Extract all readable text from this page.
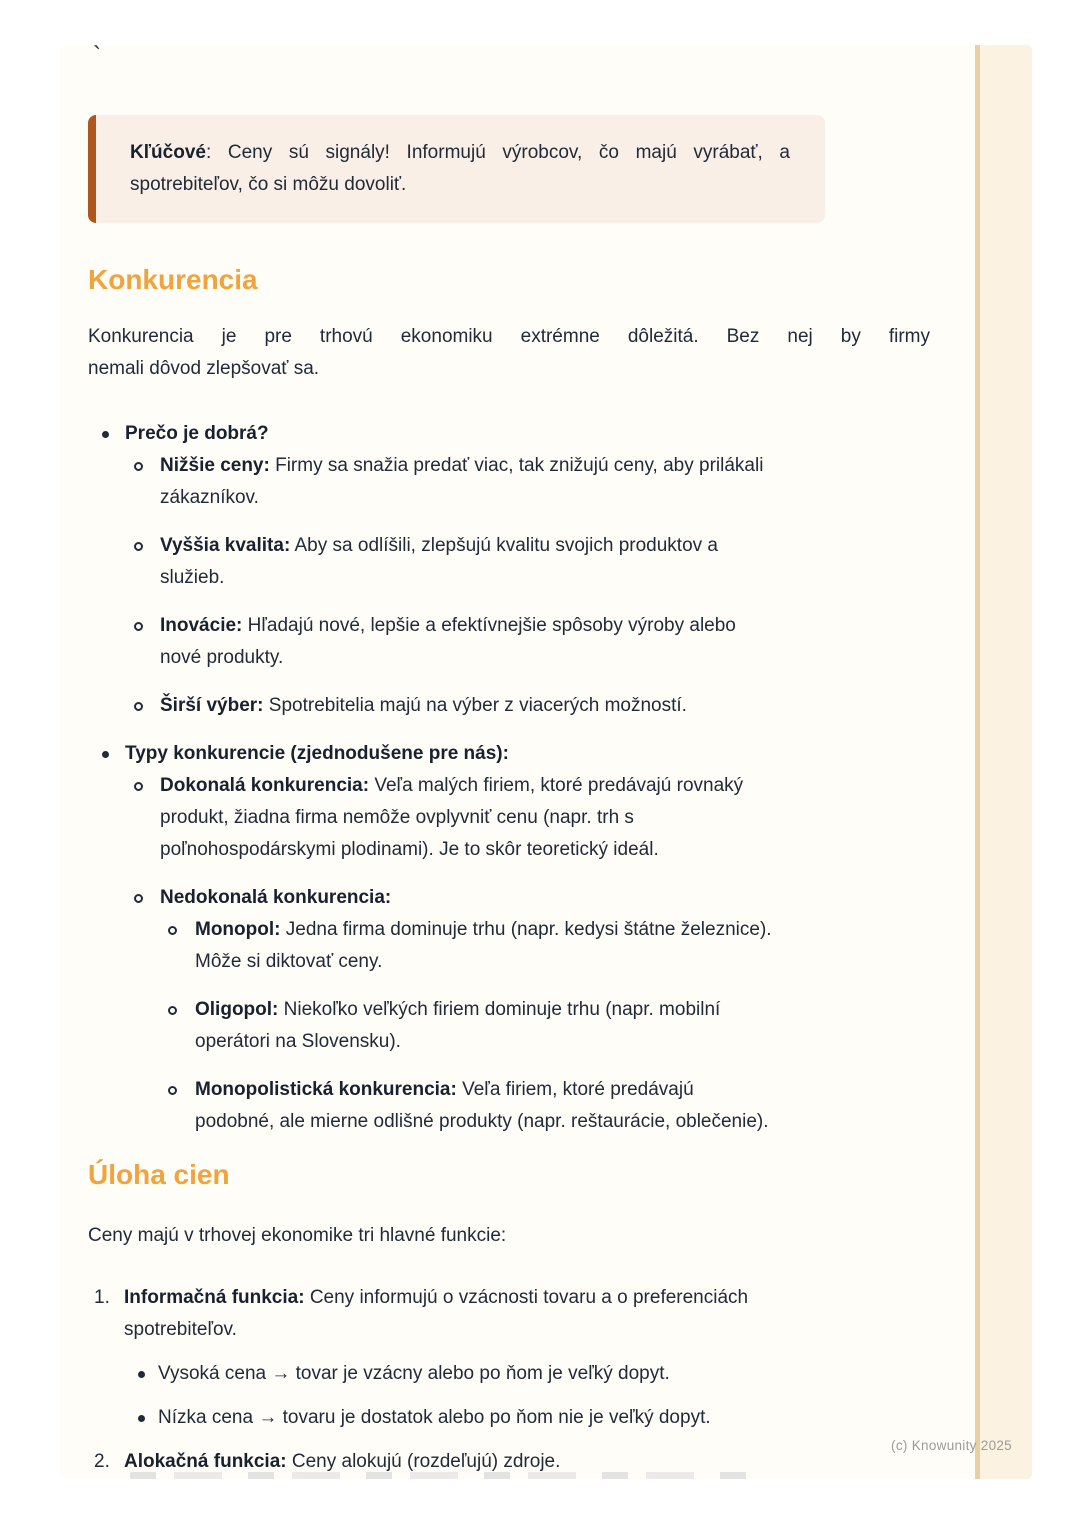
`
Kľúčové: Ceny sú signály! Informujú výrobcov, čo majú vyrábať, a
spotrebiteľov, čo si môžu dovoliť.
Konkurencia
Konkurencia je pre trhovú ekonomiku extrémne dôležitá. Bez nej by firmy
nemali dôvod zlepšovať sa.
Prečo je dobrá?
Nižšie ceny: Firmy sa snažia predať viac, tak znižujú ceny, aby prilákali
zákazníkov.
Vyššia kvalita: Aby sa odlíšili, zlepšujú kvalitu svojich produktov a
služieb.
Inovácie: Hľadajú nové, lepšie a efektívnejšie spôsoby výroby alebo
nové produkty.
Širší výber: Spotrebitelia majú na výber z viacerých možností.
Typy konkurencie (zjednodušene pre nás):
Dokonalá konkurencia: Veľa malých firiem, ktoré predávajú rovnaký
produkt, žiadna firma nemôže ovplyvniť cenu (napr. trh s
poľnohospodárskymi plodinami). Je to skôr teoretický ideál.
Nedokonalá konkurencia:
Monopol: Jedna firma dominuje trhu (napr. kedysi štátne železnice).
Môže si diktovať ceny.
Oligopol: Niekoľko veľkých firiem dominuje trhu (napr. mobilní
operátori na Slovensku).
Monopolistická konkurencia: Veľa firiem, ktoré predávajú
podobné, ale mierne odlišné produkty (napr. reštaurácie, oblečenie).
Úloha cien
Ceny majú v trhovej ekonomike tri hlavné funkcie:
1. Informačná funkcia: Ceny informujú o vzácnosti tovaru a o preferenciách
spotrebiteľov.
Vysoká cena → tovar je vzácny alebo po ňom je veľký dopyt.
Nízka cena → tovaru je dostatok alebo po ňom nie je veľký dopyt.
2. Alokačná funkcia: Ceny alokujú (rozdeľujú) zdroje.
(c) Knowunity 2025
